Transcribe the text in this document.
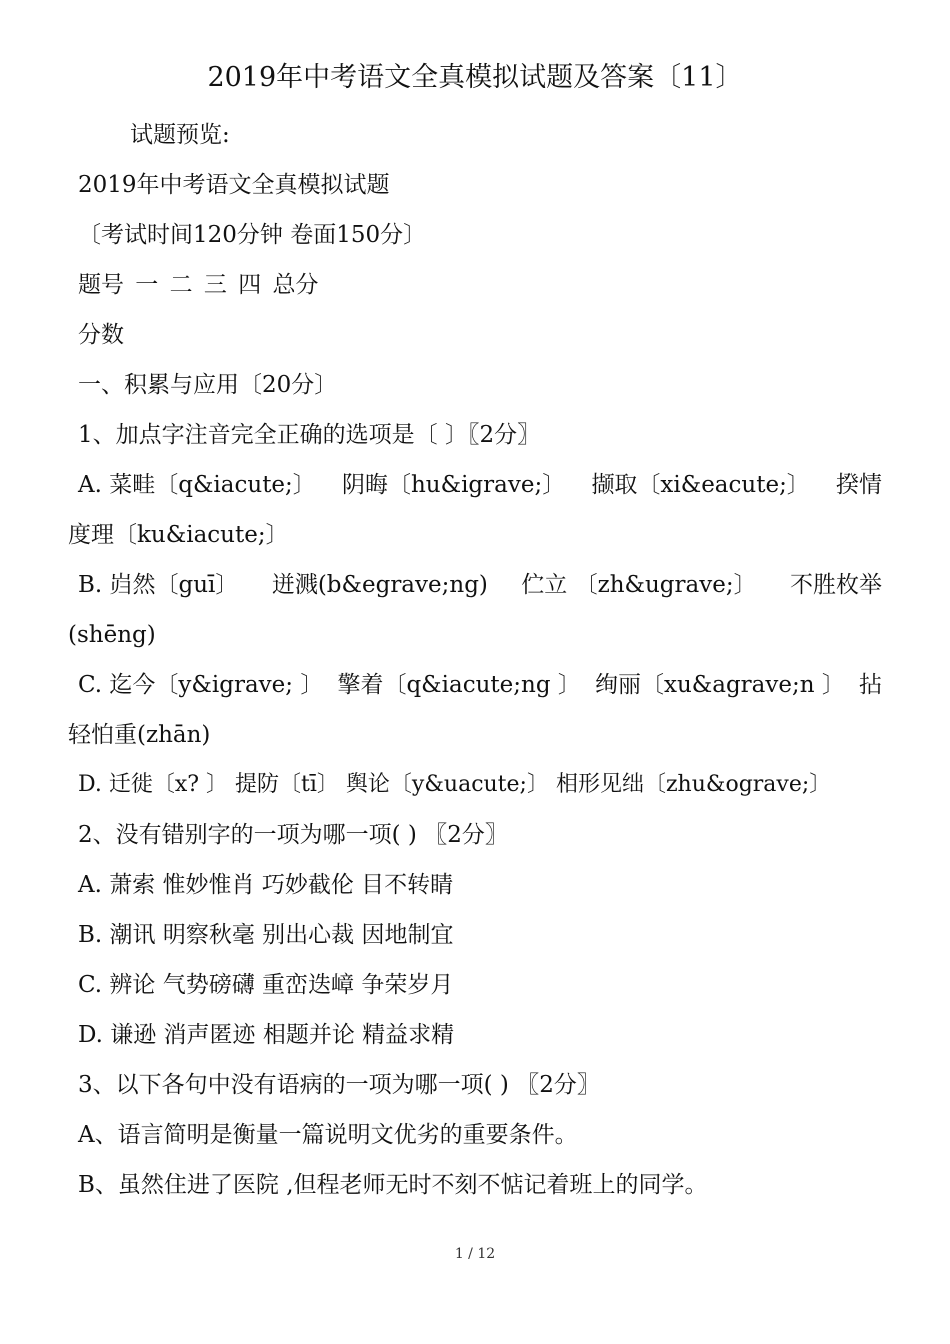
2019年中考语文全真模拟试题及答案〔11〕
试题预览:
2019年中考语文全真模拟试题
〔考试时间120分钟 卷面150分〕
题号 一 二 三 四 总分
分数
一、积累与应用〔20分〕
1、加点字注音完全正确的选项是〔 〕〖2分〗
A. 菜畦〔q&iacute;〕 阴晦〔hu&igrave;〕 撷取〔xi&eacute;〕 揆情
度理〔ku&iacute;〕
B. 岿然〔guī〕 迸溅(b&egrave;ng) 伫立 〔zh&ugrave;〕 不胜枚举
(shēng)
C. 迄今〔y&igrave; 〕 擎着〔q&iacute;ng 〕 绚丽〔xu&agrave;n 〕 拈
轻怕重(zhān)
D. 迁徙〔x? 〕 提防〔tī〕 舆论〔y&uacute;〕 相形见绌〔zhu&ograve;〕
2、没有错别字的一项为哪一项( ) 〖2分〗
A. 萧索 惟妙惟肖 巧妙截伦 目不转睛
B. 潮讯 明察秋毫 别出心裁 因地制宜
C. 辨论 气势磅礴 重峦迭嶂 争荣岁月
D. 谦逊 消声匿迹 相题并论 精益求精
3、以下各句中没有语病的一项为哪一项( ) 〖2分〗
A、语言简明是衡量一篇说明文优劣的重要条件。
B、虽然住进了医院 ,但程老师无时不刻不惦记着班上的同学。
1 / 12
